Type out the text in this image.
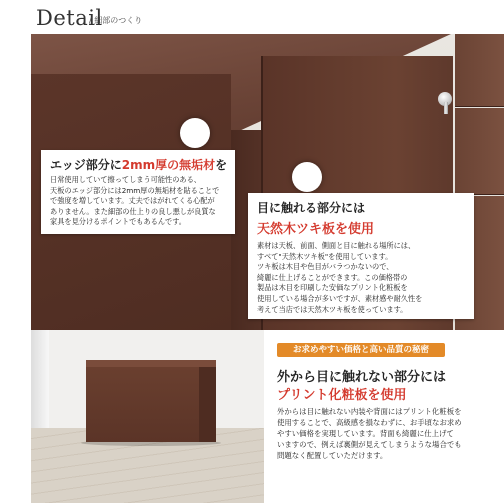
Detail
/ 細部のつくり
エッジ部分に2mm厚の無垢材を
日常使用していて擦ってしまう可能性のある、
天板のエッジ部分には2mm厚の無垢材を貼ることで
で強度を増しています。丈夫ではがれてくる心配が
ありません。また細部の仕上りの良し悪しが良質な
家具を見分けるポイントでもあるんです。
目に触れる部分には
天然木ツキ板を使用
素材は天板、前面、側面と目に触れる場所には、
すべて"天然木ツキ板"を使用しています。
ツキ板は木目や色目がバラつかないので、
綺麗に仕上げることができます。この価格帯の
製品は木目を印刷した安価なプリント化粧板を
使用している場合が多いですが、素材感や耐久性を
考えて当店では天然木ツキ板を使っています。
お求めやすい価格と高い品質の秘密
外から目に触れない部分には
プリント化粧板を使用
外からは目に触れない内装や背面にはプリント化粧板を
使用することで、高級感を損なわずに、お手頃なお求め
やすい価格を実現しています。背面も綺麗に仕上げて
いますので、例えば裏側が見えてしまうような場合でも
問題なく配置していただけます。
